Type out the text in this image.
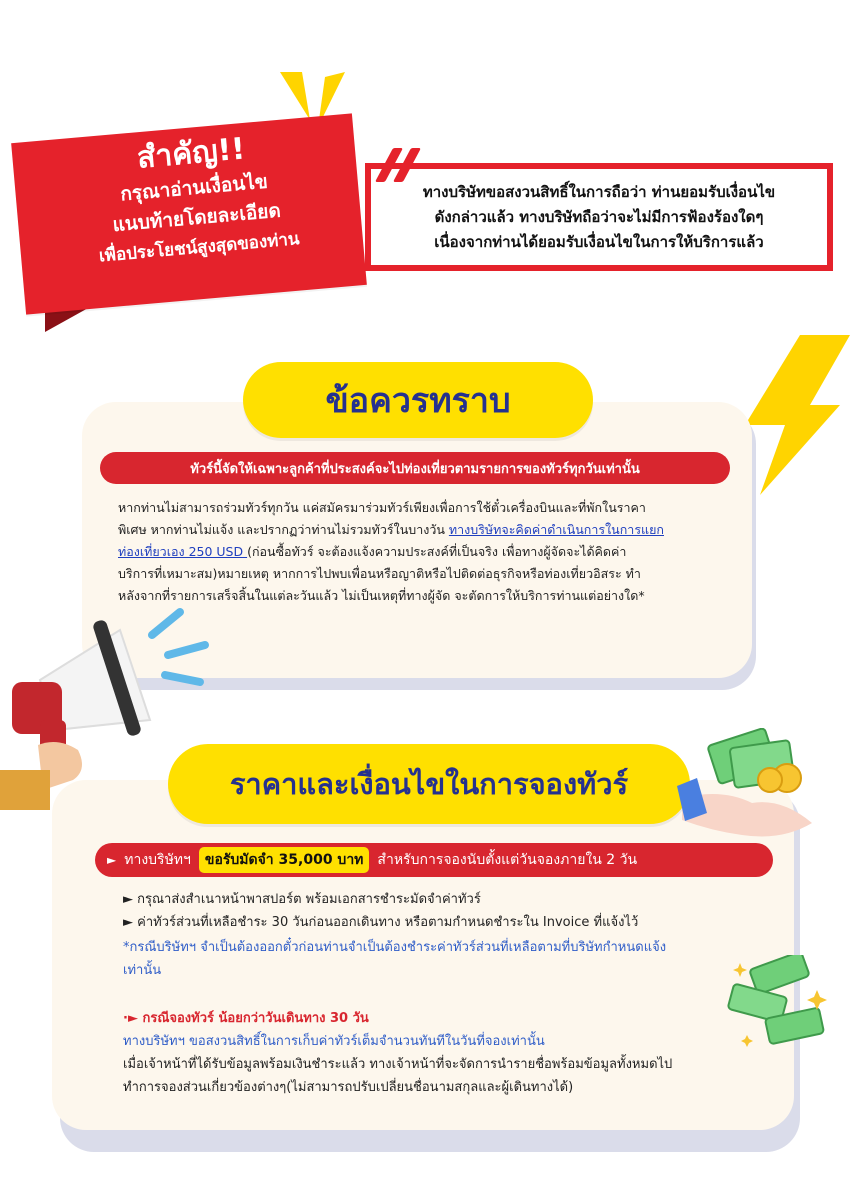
สำคัญ!!
กรุณาอ่านเงื่อนไข
แนบท้ายโดยละเอียด
เพื่อประโยชน์สูงสุดของท่าน
ทางบริษัทขอสงวนสิทธิ์ในการถือว่า ท่านยอมรับเงื่อนไข
ดังกล่าวแล้ว ทางบริษัทถือว่าจะไม่มีการฟ้องร้องใดๆ
เนื่องจากท่านได้ยอมรับเงื่อนไขในการให้บริการแล้ว
ข้อควรทราบ
ทัวร์นี้จัดให้เฉพาะลูกค้าที่ประสงค์จะไปท่องเที่ยวตามรายการของทัวร์ทุกวันเท่านั้น
หากท่านไม่สามารถร่วมทัวร์ทุกวัน แค่สมัครมาร่วมทัวร์เพียงเพื่อการใช้ตั๋วเครื่องบินและที่พักในราคา
พิเศษ หากท่านไม่แจ้ง และปรากฏว่าท่านไม่รวมทัวร์ในบางวัน ทางบริษัทจะคิดค่าดำเนินการในการแยก
ท่องเที่ยวเอง 250 USD (ก่อนซื้อทัวร์ จะต้องแจ้งความประสงค์ที่เป็นจริง เพื่อทางผู้จัดจะได้คิดค่า
บริการที่เหมาะสม)หมายเหตุ หากการไปพบเพื่อนหรือญาติหรือไปติดต่อธุรกิจหรือท่องเที่ยวอิสระ ทำ
หลังจากที่รายการเสร็จสิ้นในแต่ละวันแล้ว ไม่เป็นเหตุที่ทางผู้จัด จะตัดการให้บริการท่านแต่อย่างใด*
ราคาและเงื่อนไขในการจองทัวร์
► ทางบริษัทฯ	ขอรับมัดจำ 35,000 บาท	สำหรับการจองนับตั้งแต่วันจองภายใน 2 วัน
► กรุณาส่งสำเนาหน้าพาสปอร์ต พร้อมเอกสารชำระมัดจำค่าทัวร์
► ค่าทัวร์ส่วนที่เหลือชำระ 30 วันก่อนออกเดินทาง หรือตามกำหนดชำระใน Invoice ที่แจ้งไว้
*กรณีบริษัทฯ จำเป็นต้องออกตั๋วก่อนท่านจำเป็นต้องชำระค่าทัวร์ส่วนที่เหลือตามที่บริษัทกำหนดแจ้ง
เท่านั้น
·► กรณีจองทัวร์ น้อยกว่าวันเดินทาง 30 วัน
ทางบริษัทฯ ขอสงวนสิทธิ์ในการเก็บค่าทัวร์เต็มจำนวนทันทีในวันที่จองเท่านั้น
เมื่อเจ้าหน้าที่ได้รับข้อมูลพร้อมเงินชำระแล้ว ทางเจ้าหน้าที่จะจัดการนำรายชื่อพร้อมข้อมูลทั้งหมดไป
ทำการจองส่วนเกี่ยวข้องต่างๆ(ไม่สามารถปรับเปลี่ยนชื่อนามสกุลและผู้เดินทางได้)
